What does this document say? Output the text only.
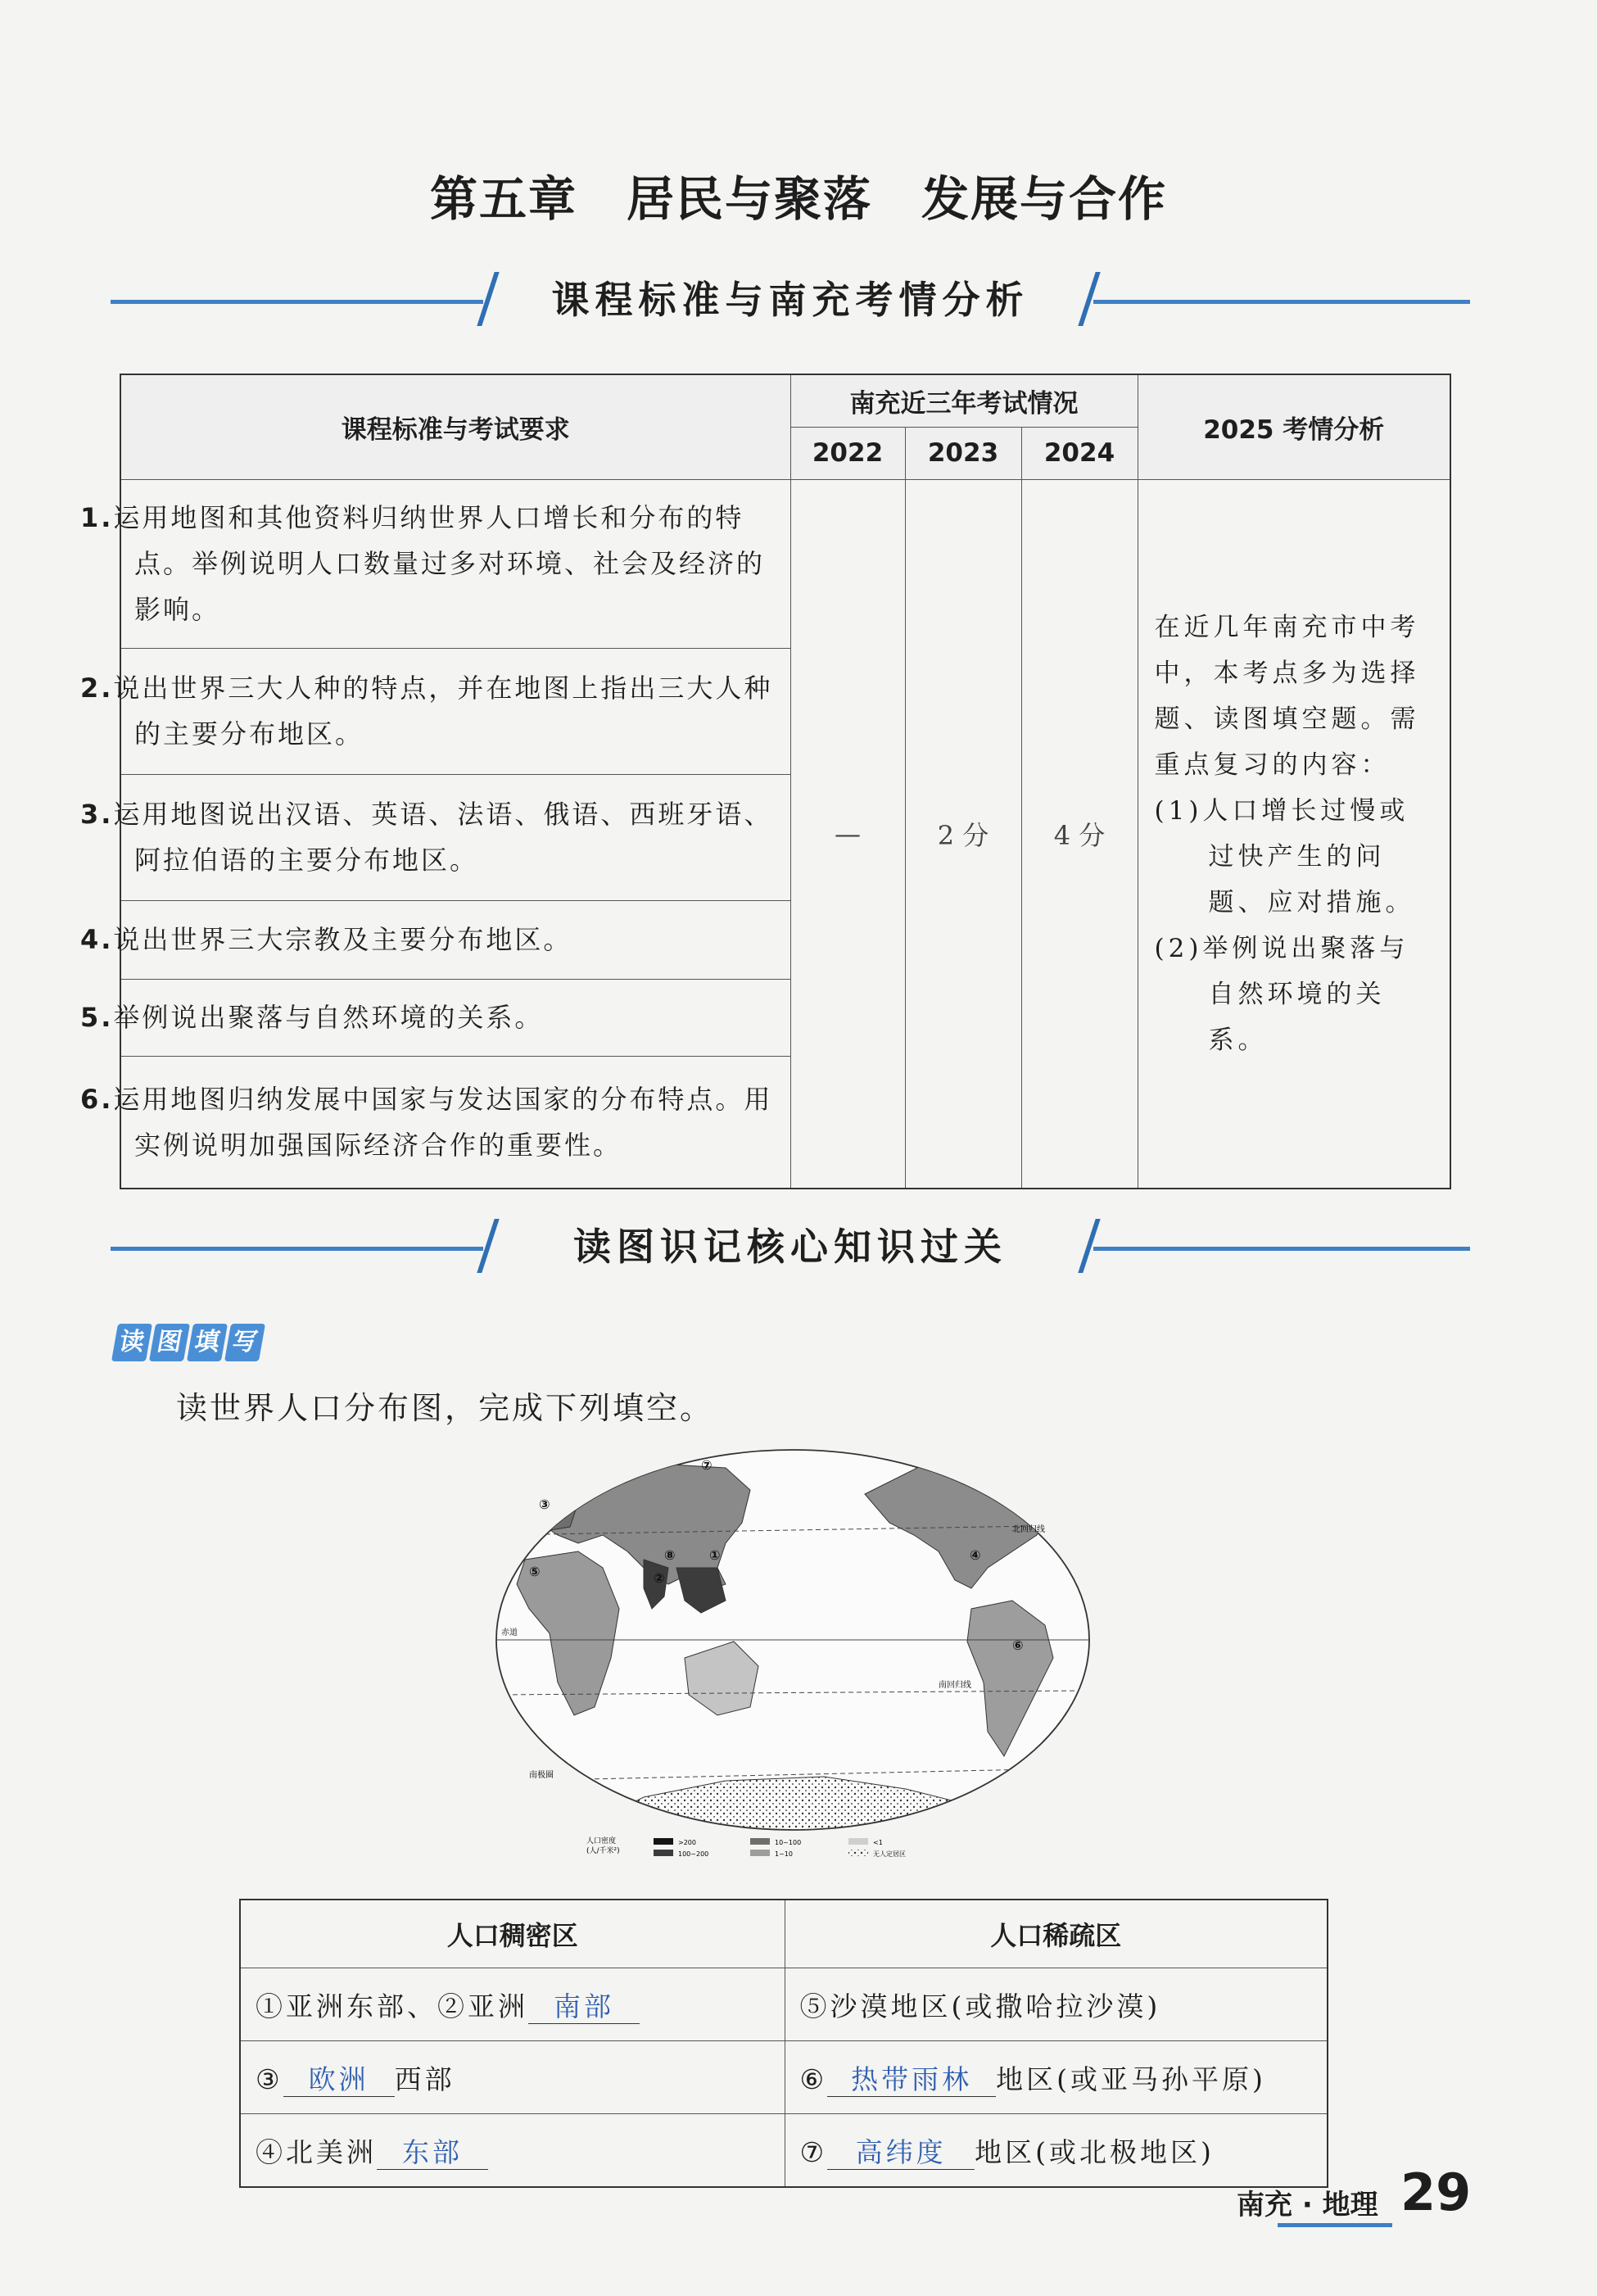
第五章　居民与聚落　发展与合作
课程标准与南充考情分析
课程标准与考试要求	南充近三年考试情况			2025 考情分析
	2022	2023	2024	
1.运用地图和其他资料归纳世界人口增长和分布的特点。举例说明人口数量过多对环境、社会及经济的影响。	—	2 分	4 分	在近几年南充市中考中，本考点多为选择题、读图填空题。需重点复习的内容：
(1)人口增长过慢或过快产生的问题、应对措施。
(2)举例说出聚落与自然环境的关系。

2.说出世界三大人种的特点，并在地图上指出三大人种的主要分布地区。				
3.运用地图说出汉语、英语、法语、俄语、西班牙语、阿拉伯语的主要分布地区。				
4.说出世界三大宗教及主要分布地区。				
5.举例说出聚落与自然环境的关系。				
6.运用地图归纳发展中国家与发达国家的分布特点。用实例说明加强国际经济合作的重要性。				
读图识记核心知识过关
读 图 填 写
读世界人口分布图，完成下列填空。
北回归线
赤道
南回归线
南极圈
①
②
③
④
⑤
⑥
⑦
⑧
人口密度
(人/千米²)
>200
100~200
10~100
1~10
<1
无人定居区
人口稠密区	人口稀疏区
①亚洲东部、②亚洲 南部	⑤沙漠地区(或撒哈拉沙漠)
③ 欧洲 西部	⑥ 热带雨林 地区(或亚马孙平原)
④北美洲 东部	⑦ 高纬度 地区(或北极地区)
南充 · 地理 29
